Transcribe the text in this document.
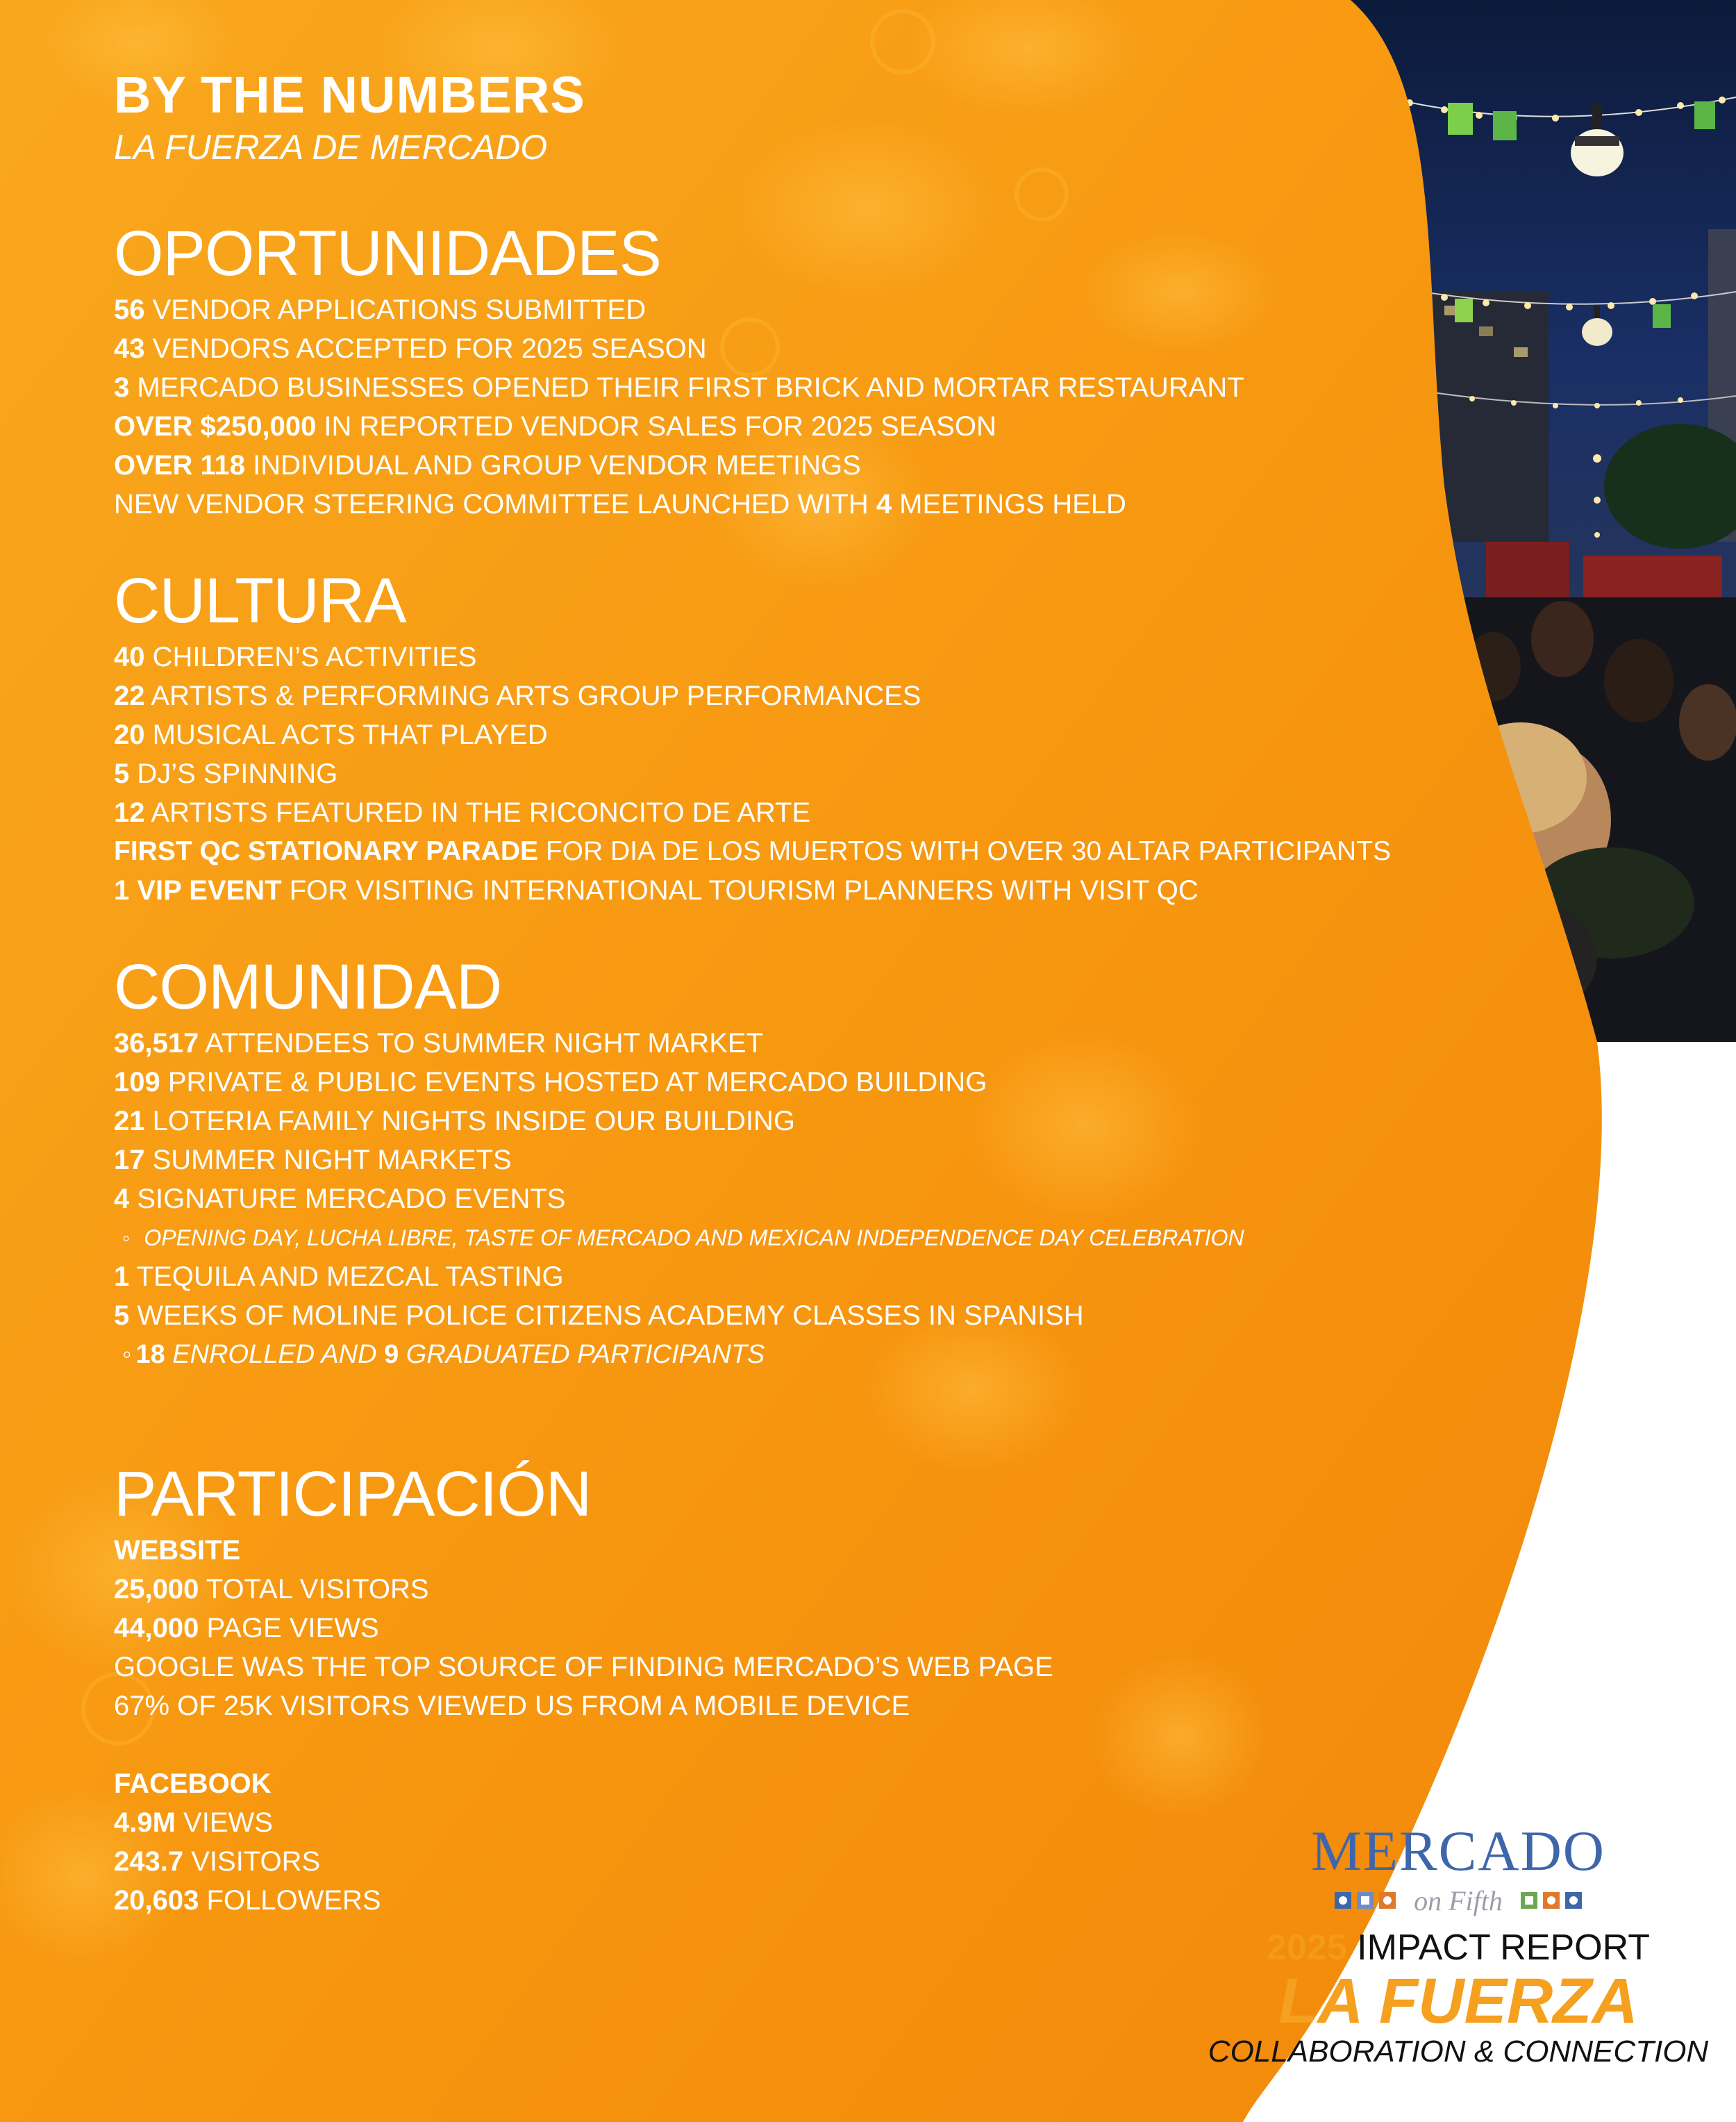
BY THE NUMBERS

LA FUERZA DE MERCADO

OPORTUNIDADES

56 VENDOR APPLICATIONS SUBMITTED

43 VENDORS ACCEPTED FOR 2025 SEASON

3 MERCADO BUSINESSES OPENED THEIR FIRST BRICK AND MORTAR RESTAURANT

OVER $250,000 IN REPORTED VENDOR SALES FOR 2025 SEASON

OVER 118 INDIVIDUAL AND GROUP VENDOR MEETINGS

NEW VENDOR STEERING COMMITTEE LAUNCHED WITH 4 MEETINGS HELD

CULTURA

40 CHILDREN’S ACTIVITIES

22 ARTISTS & PERFORMING ARTS GROUP PERFORMANCES

20 MUSICAL ACTS THAT PLAYED

5 DJ’S SPINNING

12 ARTISTS FEATURED IN THE RICONCITO DE ARTE

FIRST QC STATIONARY PARADE FOR DIA DE LOS MUERTOS WITH OVER 30 ALTAR PARTICIPANTS

1 VIP EVENT FOR VISITING INTERNATIONAL TOURISM PLANNERS WITH VISIT QC

COMUNIDAD

36,517 ATTENDEES TO SUMMER NIGHT MARKET

109 PRIVATE & PUBLIC EVENTS HOSTED AT MERCADO BUILDING

21 LOTERIA FAMILY NIGHTS INSIDE OUR BUILDING

17 SUMMER NIGHT MARKETS

4 SIGNATURE MERCADO EVENTS

◦ OPENING DAY, LUCHA LIBRE, TASTE OF MERCADO AND MEXICAN INDEPENDENCE DAY CELEBRATION

1 TEQUILA AND MEZCAL TASTING

5 WEEKS OF MOLINE POLICE CITIZENS ACADEMY CLASSES IN SPANISH

◦ 18 ENROLLED AND 9 GRADUATED PARTICIPANTS

PARTICIPACIÓN

WEBSITE

25,000 TOTAL VISITORS

44,000 PAGE VIEWS

GOOGLE WAS THE TOP SOURCE OF FINDING MERCADO’S WEB PAGE

67% OF 25K VISITORS VIEWED US FROM A MOBILE DEVICE

FACEBOOK

4.9M VIEWS

243.7 VISITORS

20,603 FOLLOWERS

MERCADO

on Fifth

2025 IMPACT REPORT

LA FUERZA

COLLABORATION & CONNECTION
